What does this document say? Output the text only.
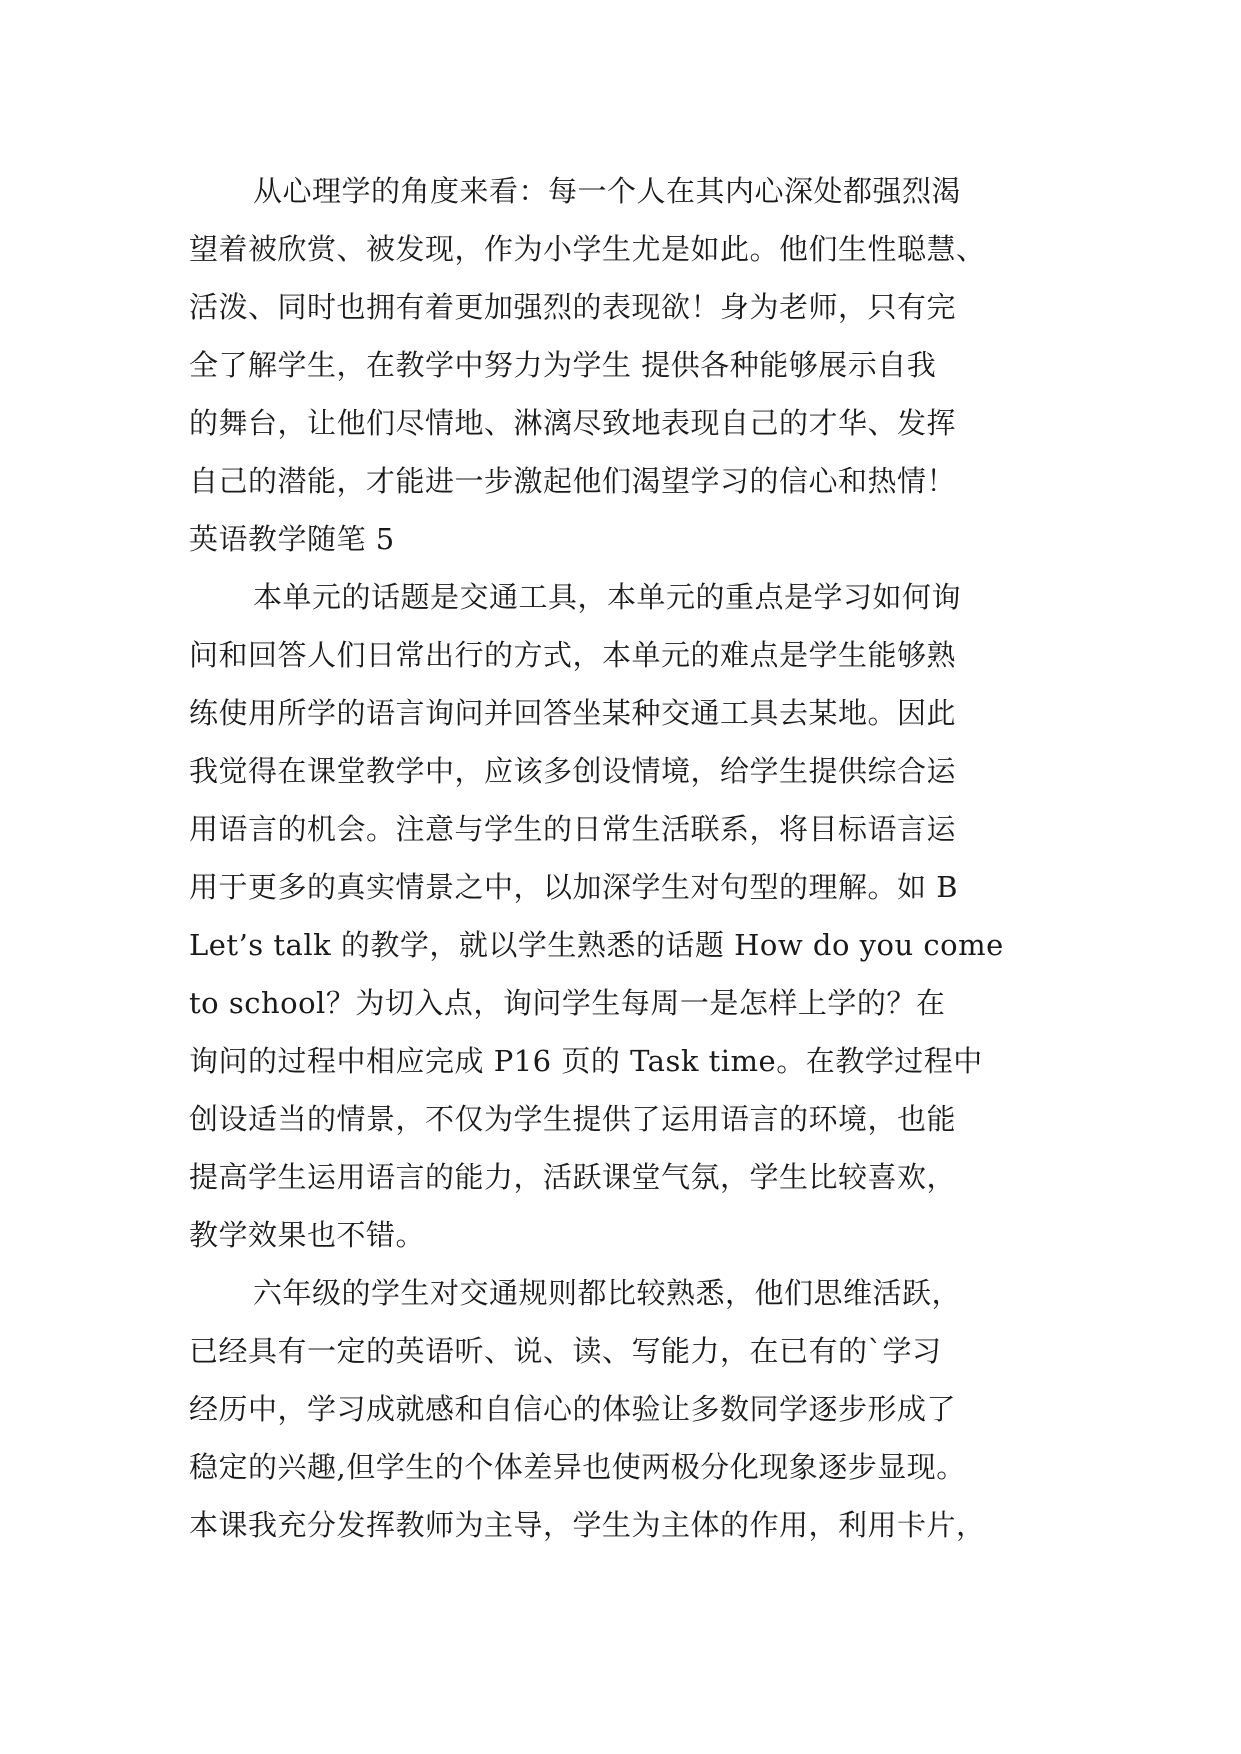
从心理学的角度来看：每一个人在其内心深处都强烈渴
望着被欣赏、被发现，作为小学生尤是如此。他们生性聪慧、
活泼、同时也拥有着更加强烈的表现欲！身为老师，只有完
全了解学生，在教学中努力为学生 提供各种能够展示自我
的舞台，让他们尽情地、淋漓尽致地表现自己的才华、发挥
自己的潜能，才能进一步激起他们渴望学习的信心和热情！
英语教学随笔 5
本单元的话题是交通工具，本单元的重点是学习如何询
问和回答人们日常出行的方式，本单元的难点是学生能够熟
练使用所学的语言询问并回答坐某种交通工具去某地。因此
我觉得在课堂教学中，应该多创设情境，给学生提供综合运
用语言的机会。注意与学生的日常生活联系，将目标语言运
用于更多的真实情景之中，以加深学生对句型的理解。如 B
Let’s talk 的教学，就以学生熟悉的话题 How do you come
to school？为切入点，询问学生每周一是怎样上学的？在
询问的过程中相应完成 P16 页的 Task time。在教学过程中
创设适当的情景，不仅为学生提供了运用语言的环境，也能
提高学生运用语言的能力，活跃课堂气氛，学生比较喜欢，
教学效果也不错。
六年级的学生对交通规则都比较熟悉，他们思维活跃，
已经具有一定的英语听、说、读、写能力，在已有的`学习
经历中，学习成就感和自信心的体验让多数同学逐步形成了
稳定的兴趣,但学生的个体差异也使两极分化现象逐步显现。
本课我充分发挥教师为主导，学生为主体的作用，利用卡片，
